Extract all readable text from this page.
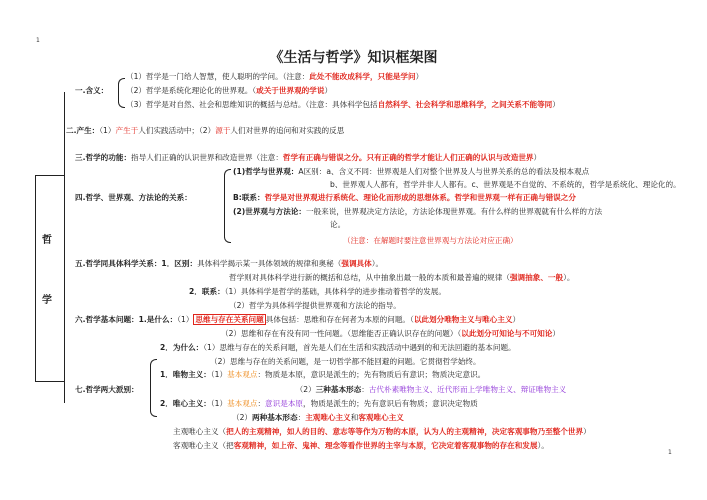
1
1
《生活与哲学》知识框架图
哲
学
一.含义：
（1）哲学是一门给人智慧，使人聪明的学问。（注意：此处不能改成科学，只能是学问）
（2）哲学是系统化理论化的世界观。（或关于世界观的学说）
（3）哲学是对自然、社会和思维知识的概括与总结。（注意：具体科学包括自然科学、社会科学和思维科学，之间关系不能等同）
二.产生：（1）产生于人们实践活动中；（2）源于人们对世界的追问和对实践的反思
三.哲学的功能：指导人们正确的认识世界和改造世界（注意：哲学有正确与错误之分。只有正确的哲学才能让人们正确的认识与改造世界）
四.哲学、世界观、方法论的关系：
(1)哲学与世界观：A区别：a、含义不同：世界观是人们对整个世界及人与世界关系的总的看法及根本观点
b、世界观人人都有，哲学并非人人都有。c、世界观是不自觉的、不系统的，哲学是系统化、理论化的。
B:联系：哲学是对世界观进行系统化、理论化而形成的思想体系。哲学和世界观一样有正确与错误之分
(2)世界观与方法论：一般来说，世界观决定方法论，方法论体现世界观。有什么样的世界观就有什么样的方法
论。
（注意：在解题时要注意世界观与方法论对应正确）
五.哲学同具体科学关系：1．区别：具体科学揭示某一具体领域的规律和奥秘（强调具体）。
哲学则对具体科学进行新的概括和总结，从中抽象出最一般的本质和最普遍的规律（强调抽象、一般）。
2．联系：（1）具体科学是哲学的基础，具体科学的进步推动着哲学的发展。
（2）哲学为具体科学提供世界观和方法论的指导。
六.哲学基本问题：1.是什么：（1） 思维与存在关系问题 具体包括：思维和存在何者为本原的问题。（以此划分唯物主义与唯心主义）
（2）思维和存在有没有同一性问题。（思维能否正确认识存在的问题）（以此划分可知论与不可知论）
2．为什么：（1）思维与存在的关系问题，首先是人们在生活和实践活动中遇到的和无法回避的基本问题。
（2）思维与存在的关系问题，是一切哲学都不能回避的问题。它贯彻哲学始终。
1．唯物主义：（1）基本观点：物质是本原，意识是派生的；先有物质后有意识；物质决定意识。
七.哲学两大派别：	（2）三种基本形态：古代朴素唯物主义、近代形而上学唯物主义、辩证唯物主义
2．唯心主义：（1）基本观点：意识是本原，物质是派生的；先有意识后有物质；意识决定物质
（2）两种基本形态：主观唯心主义和客观唯心主义
主观唯心主义（把人的主观精神，如人的目的、意志等等作为万物的本原，认为人的主观精神，决定客观事物乃至整个世界）
客观唯心主义（把客观精神，如上帝、鬼神、理念等看作世界的主宰与本原，它决定着客观事物的存在和发展）。
